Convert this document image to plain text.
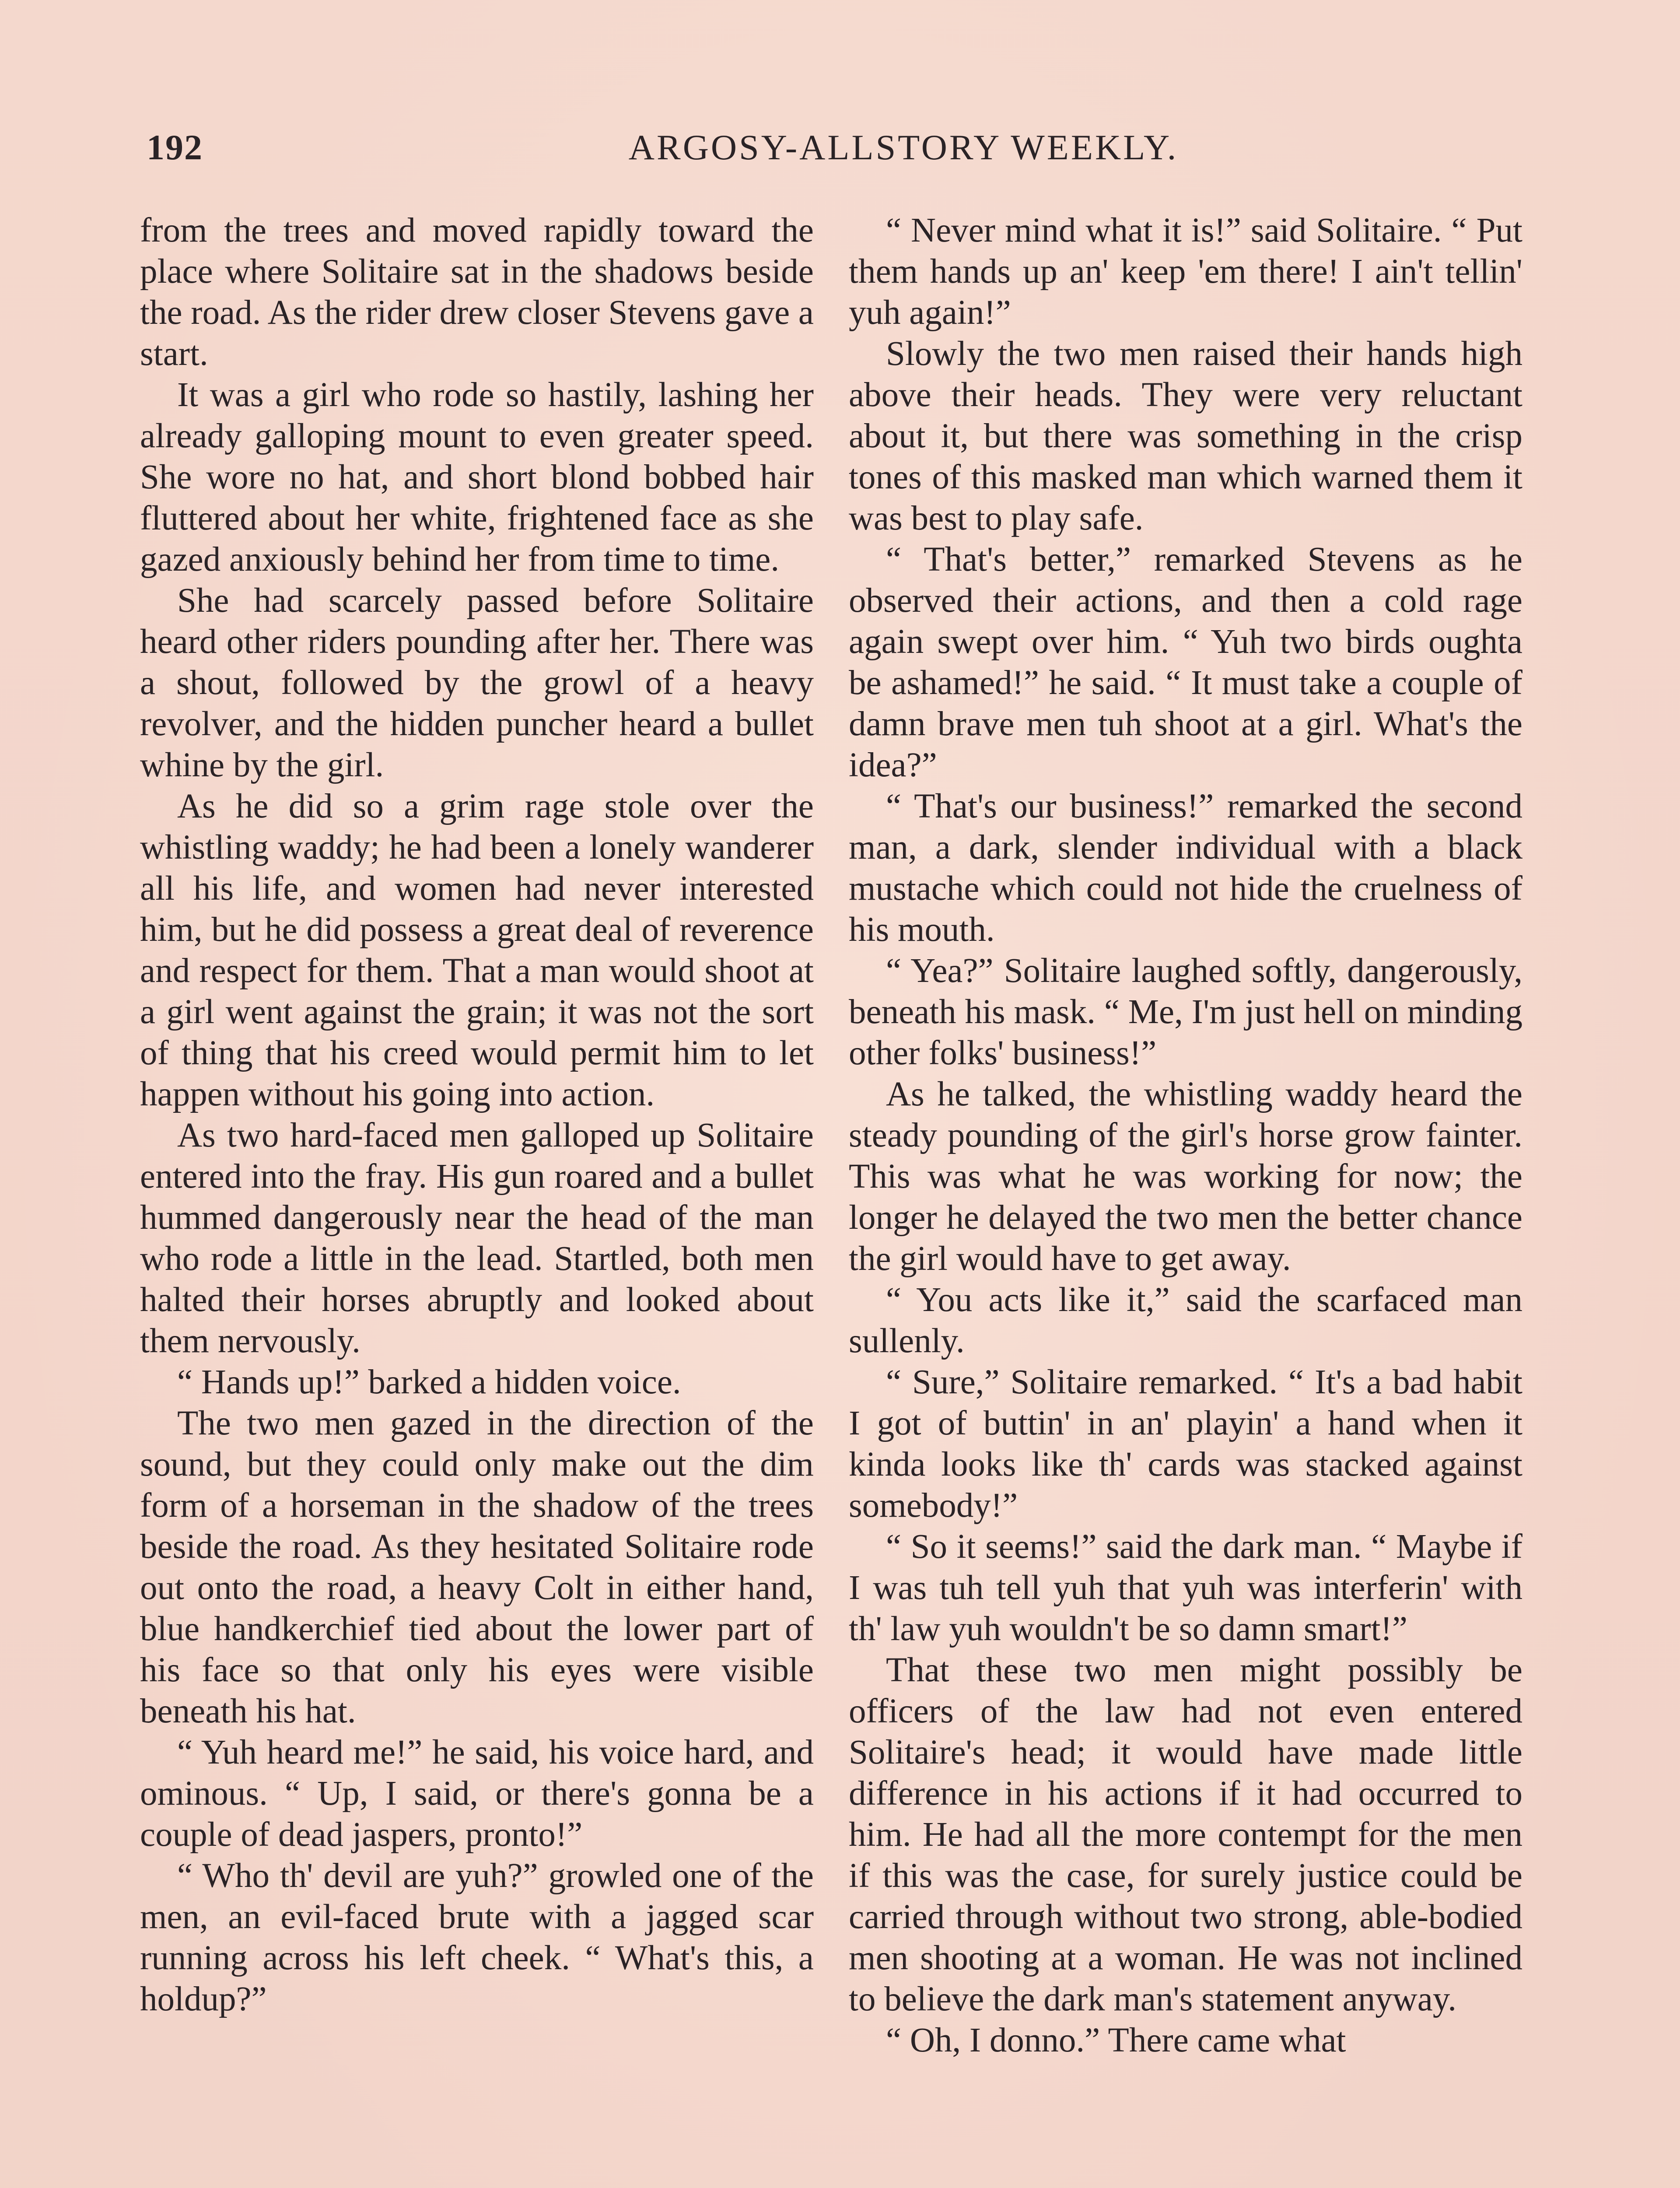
192	ARGOSY-ALLSTORY WEEKLY.

from the trees and moved rapidly toward the place where Solitaire sat in the shadows beside the road. As the rider drew closer Stevens gave a start.

It was a girl who rode so hastily, lashing her already galloping mount to even greater speed. She wore no hat, and short blond bobbed hair fluttered about her white, frightened face as she gazed anxiously behind her from time to time.

She had scarcely passed before Solitaire heard other riders pounding after her. There was a shout, followed by the growl of a heavy revolver, and the hidden puncher heard a bullet whine by the girl.

As he did so a grim rage stole over the whistling waddy; he had been a lonely wanderer all his life, and women had never interested him, but he did possess a great deal of reverence and respect for them. That a man would shoot at a girl went against the grain; it was not the sort of thing that his creed would permit him to let happen without his going into action.

As two hard-faced men galloped up Solitaire entered into the fray. His gun roared and a bullet hummed dangerously near the head of the man who rode a little in the lead. Startled, both men halted their horses abruptly and looked about them nervously.

“ Hands up!” barked a hidden voice.

The two men gazed in the direction of the sound, but they could only make out the dim form of a horseman in the shadow of the trees beside the road. As they hesitated Solitaire rode out onto the road, a heavy Colt in either hand, blue handkerchief tied about the lower part of his face so that only his eyes were visible beneath his hat.

“ Yuh heard me!” he said, his voice hard, and ominous. “ Up, I said, or there's gonna be a couple of dead jaspers, pronto!”

“ Who th' devil are yuh?” growled one of the men, an evil-faced brute with a jagged scar running across his left cheek. “ What's this, a holdup?”

“ Never mind what it is!” said Solitaire. “ Put them hands up an' keep 'em there! I ain't tellin' yuh again!”

Slowly the two men raised their hands high above their heads. They were very reluctant about it, but there was something in the crisp tones of this masked man which warned them it was best to play safe.

“ That's better,” remarked Stevens as he observed their actions, and then a cold rage again swept over him. “ Yuh two birds oughta be ashamed!” he said. “ It must take a couple of damn brave men tuh shoot at a girl. What's the idea?”

“ That's our business!” remarked the second man, a dark, slender individual with a black mustache which could not hide the cruelness of his mouth.

“ Yea?” Solitaire laughed softly, dangerously, beneath his mask. “ Me, I'm just hell on minding other folks' business!”

As he talked, the whistling waddy heard the steady pounding of the girl's horse grow fainter. This was what he was working for now; the longer he delayed the two men the better chance the girl would have to get away.

“ You acts like it,” said the scarfaced man sullenly.

“ Sure,” Solitaire remarked. “ It's a bad habit I got of buttin' in an' playin' a hand when it kinda looks like th' cards was stacked against somebody!”

“ So it seems!” said the dark man. “ Maybe if I was tuh tell yuh that yuh was interferin' with th' law yuh wouldn't be so damn smart!”

That these two men might possibly be officers of the law had not even entered Solitaire's head; it would have made little difference in his actions if it had occurred to him. He had all the more contempt for the men if this was the case, for surely justice could be carried through without two strong, able-bodied men shooting at a woman. He was not inclined to believe the dark man's statement anyway.

“ Oh, I donno.” There came what
